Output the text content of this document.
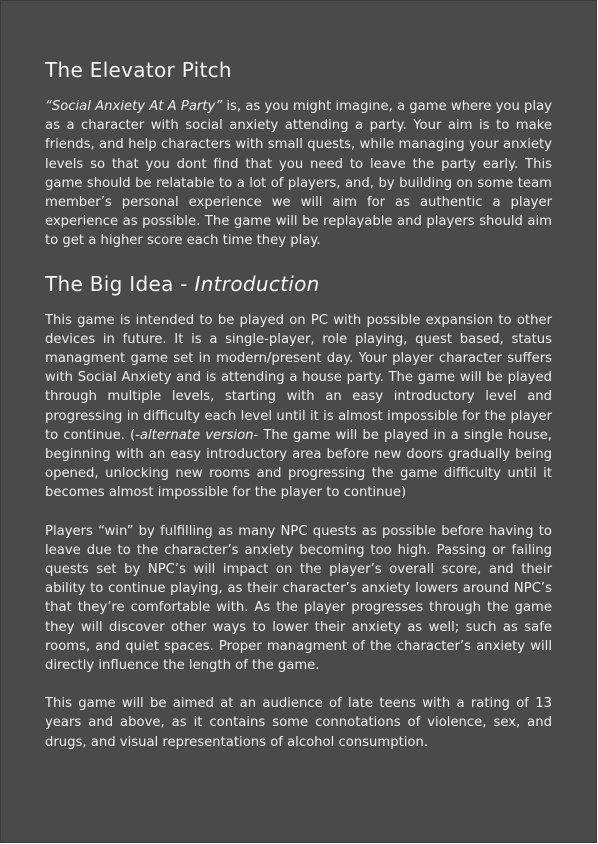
The Elevator Pitch

“Social Anxiety At A Party” is, as you might imagine, a game where you play as a character with social anxiety attending a party. Your aim is to make friends, and help characters with small quests, while managing your anxiety levels so that you dont find that you need to leave the party early. This game should be relatable to a lot of players, and, by building on some team member’s personal experience we will aim for as authentic a player experience as possible. The game will be replayable and players should aim to get a higher score each time they play.

The Big Idea - Introduction

This game is intended to be played on PC with possible expansion to other devices in future. It is a single-player, role playing, quest based, status managment game set in modern/present day. Your player character suffers with Social Anxiety and is attending a house party. The game will be played through multiple levels, starting with an easy introductory level and progressing in difficulty each level until it is almost impossible for the player to continue. (-alternate version- The game will be played in a single house, beginning with an easy introductory area before new doors gradually being opened, unlocking new rooms and progressing the game difficulty until it becomes almost impossible for the player to continue)

Players “win” by fulfilling as many NPC quests as possible before having to leave due to the character’s anxiety becoming too high. Passing or failing quests set by NPC’s will impact on the player’s overall score, and their ability to continue playing, as their character’s anxiety lowers around NPC’s that they’re comfortable with. As the player progresses through the game they will discover other ways to lower their anxiety as well; such as safe rooms, and quiet spaces. Proper managment of the character’s anxiety will directly influence the length of the game.

This game will be aimed at an audience of late teens with a rating of 13 years and above, as it contains some connotations of violence, sex, and drugs, and visual representations of alcohol consumption.
